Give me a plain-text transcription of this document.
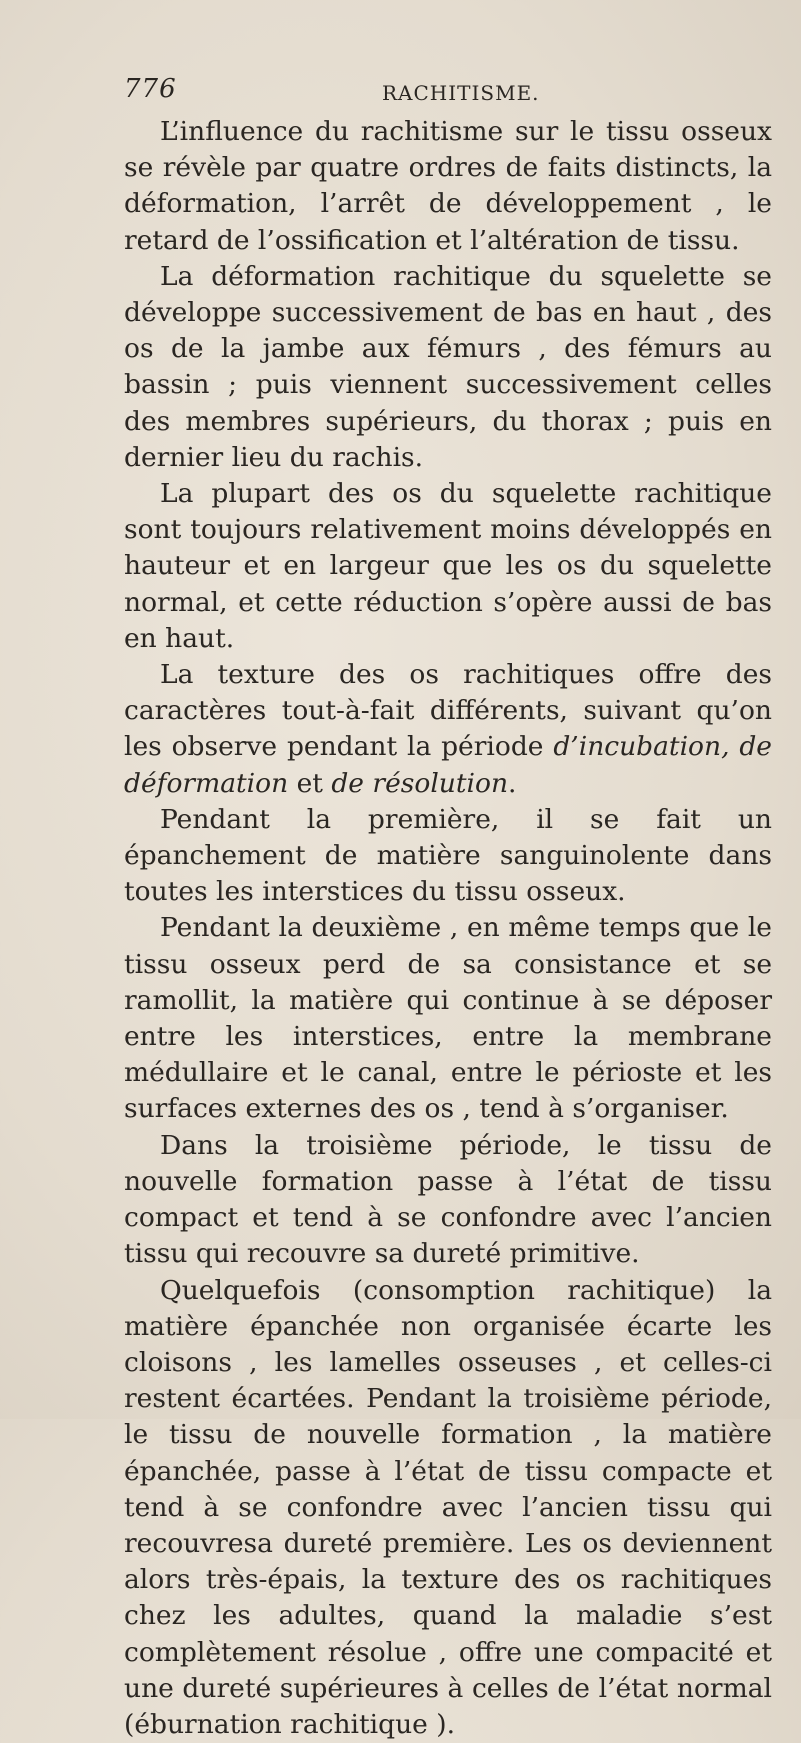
776	RACHITISME.

L’influence du rachitisme sur le tissu osseux se révèle par quatre ordres de faits distincts, la déformation, l’arrêt de développement , le retard de l’ossification et l’altération de tissu.

La déformation rachitique du squelette se développe successivement de bas en haut , des os de la jambe aux fémurs , des fémurs au bassin ; puis viennent successivement celles des membres supérieurs, du thorax ; puis en dernier lieu du rachis.

La plupart des os du squelette rachitique sont toujours relativement moins développés en hauteur et en largeur que les os du squelette normal, et cette réduction s’opère aussi de bas en haut.

La texture des os rachitiques offre des caractères tout-à-fait différents, suivant qu’on les observe pendant la période d’incubation, de déformation et de résolution.

Pendant la première, il se fait un épanchement de matière sanguinolente dans toutes les interstices du tissu osseux.

Pendant la deuxième , en même temps que le tissu osseux perd de sa consistance et se ramollit, la matière qui continue à se déposer entre les interstices, entre la membrane médullaire et le canal, entre le périoste et les surfaces externes des os , tend à s’organiser.

Dans la troisième période, le tissu de nouvelle formation passe à l’état de tissu compact et tend à se confondre avec l’ancien tissu qui recouvre sa dureté primitive.

Quelquefois (consomption rachitique) la matière épanchée non organisée écarte les cloisons , les lamelles osseuses , et celles-ci restent écartées. Pendant la troisième période, le tissu de nouvelle formation , la matière épanchée, passe à l’état de tissu compacte et tend à se confondre avec l’ancien tissu qui recouvresa dureté première. Les os deviennent alors très-épais, la texture des os rachitiques chez les adultes, quand la maladie s’est complètement résolue , offre une compacité et une dureté supérieures à celles de l’état normal (éburnation rachitique ).
